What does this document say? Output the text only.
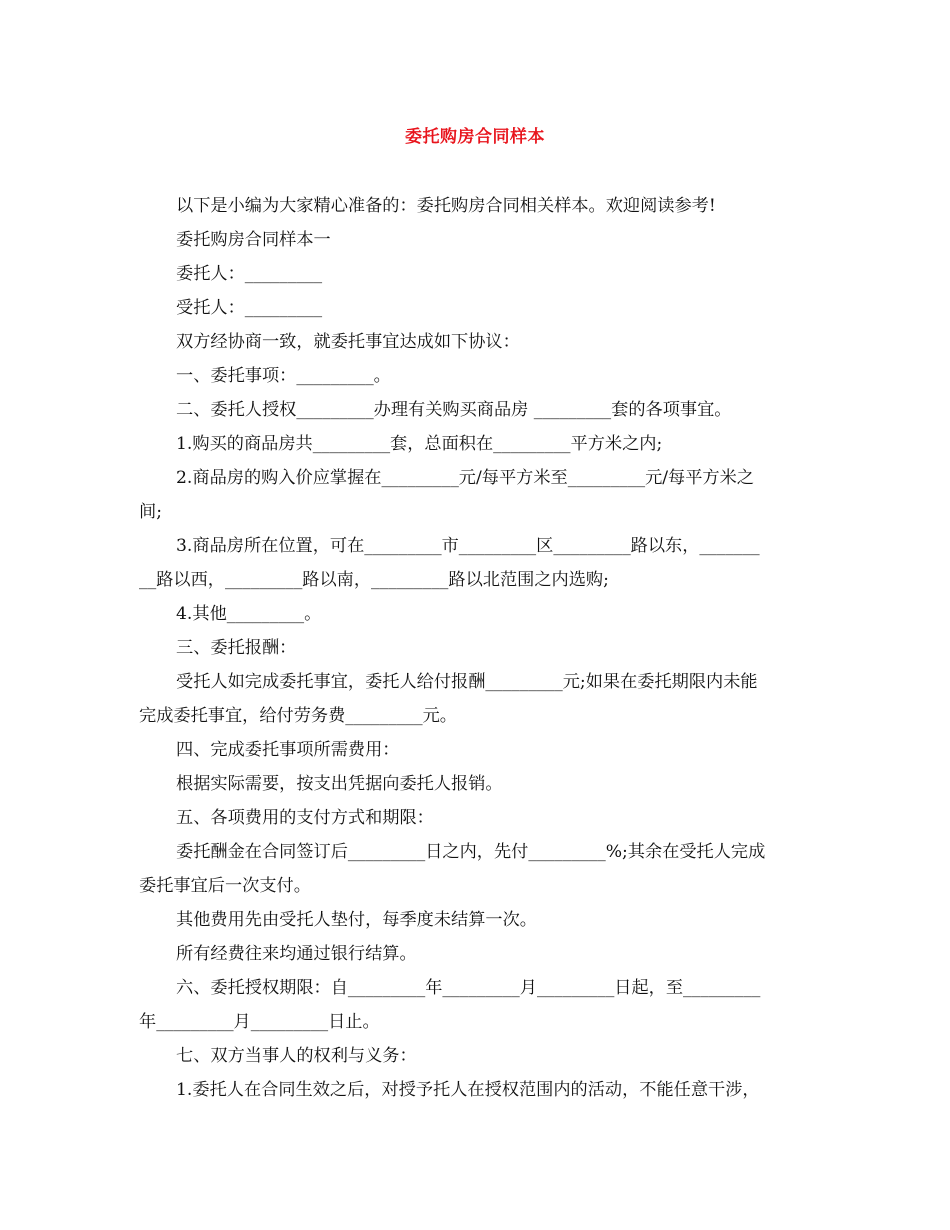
委托购房合同样本
以下是小编为大家精心准备的：委托购房合同相关样本。欢迎阅读参考!
委托购房合同样本一
委托人：_________
受托人：_________
双方经协商一致，就委托事宜达成如下协议：
一、委托事项：_________。
二、委托人授权_________办理有关购买商品房 _________套的各项事宜。
1.购买的商品房共_________套，总面积在_________平方米之内;
2.商品房的购入价应掌握在_________元/每平方米至_________元/每平方米之
间;
3.商品房所在位置，可在_________市_________区_________路以东，_______
__路以西，_________路以南，_________路以北范围之内选购;
4.其他_________。
三、委托报酬：
受托人如完成委托事宜，委托人给付报酬_________元;如果在委托期限内未能
完成委托事宜，给付劳务费_________元。
四、完成委托事项所需费用：
根据实际需要，按支出凭据向委托人报销。
五、各项费用的支付方式和期限：
委托酬金在合同签订后_________日之内，先付_________%;其余在受托人完成
委托事宜后一次支付。
其他费用先由受托人垫付，每季度未结算一次。
所有经费往来均通过银行结算。
六、委托授权期限：自_________年_________月_________日起，至_________
年_________月_________日止。
七、双方当事人的权利与义务：
1.委托人在合同生效之后，对授予托人在授权范围内的活动，不能任意干涉，
